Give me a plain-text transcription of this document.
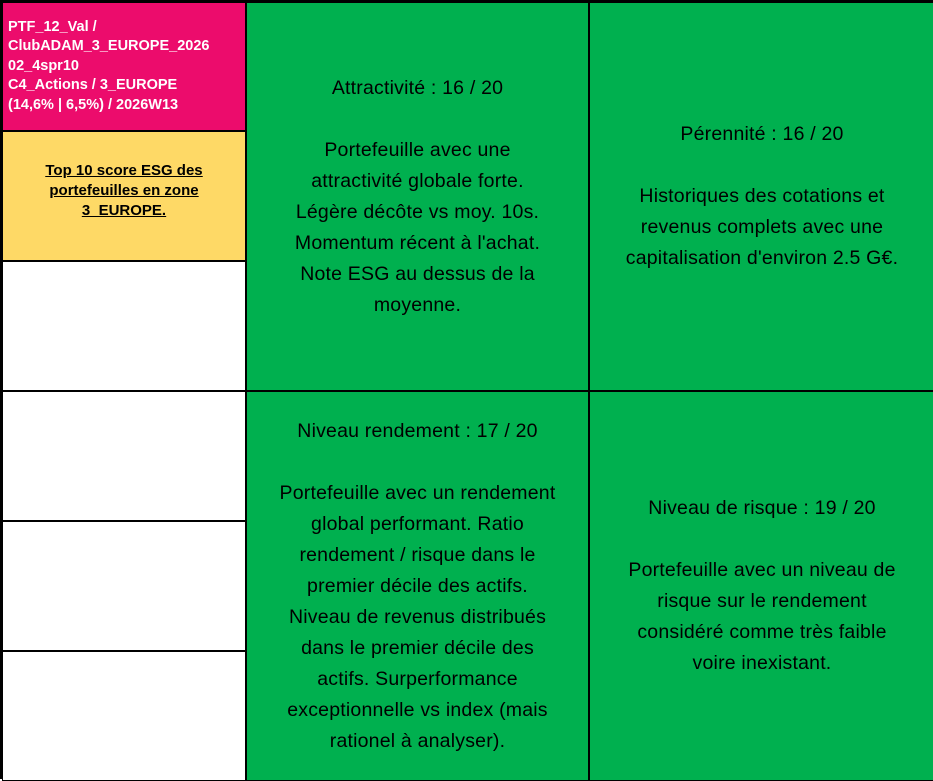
PTF_12_Val /
ClubADAM_3_EUROPE_2026
02_4spr10
C4_Actions / 3_EUROPE
(14,6% | 6,5%) / 2026W13
Top 10 score ESG des
portefeuilles en zone
3_EUROPE.
Attractivité : 16 / 20
Portefeuille avec une
attractivité globale forte.
Légère décôte vs moy. 10s.
Momentum récent à l'achat.
Note ESG au dessus de la
moyenne.
Pérennité : 16 / 20
Historiques des cotations et
revenus complets avec une
capitalisation d'environ 2.5 G€.
Niveau rendement : 17 / 20
Portefeuille avec un rendement
global performant. Ratio
rendement / risque dans le
premier décile des actifs.
Niveau de revenus distribués
dans le premier décile des
actifs. Surperformance
exceptionnelle vs index (mais
rationel à analyser).
Niveau de risque : 19 / 20
Portefeuille avec un niveau de
risque sur le rendement
considéré comme très faible
voire inexistant.
